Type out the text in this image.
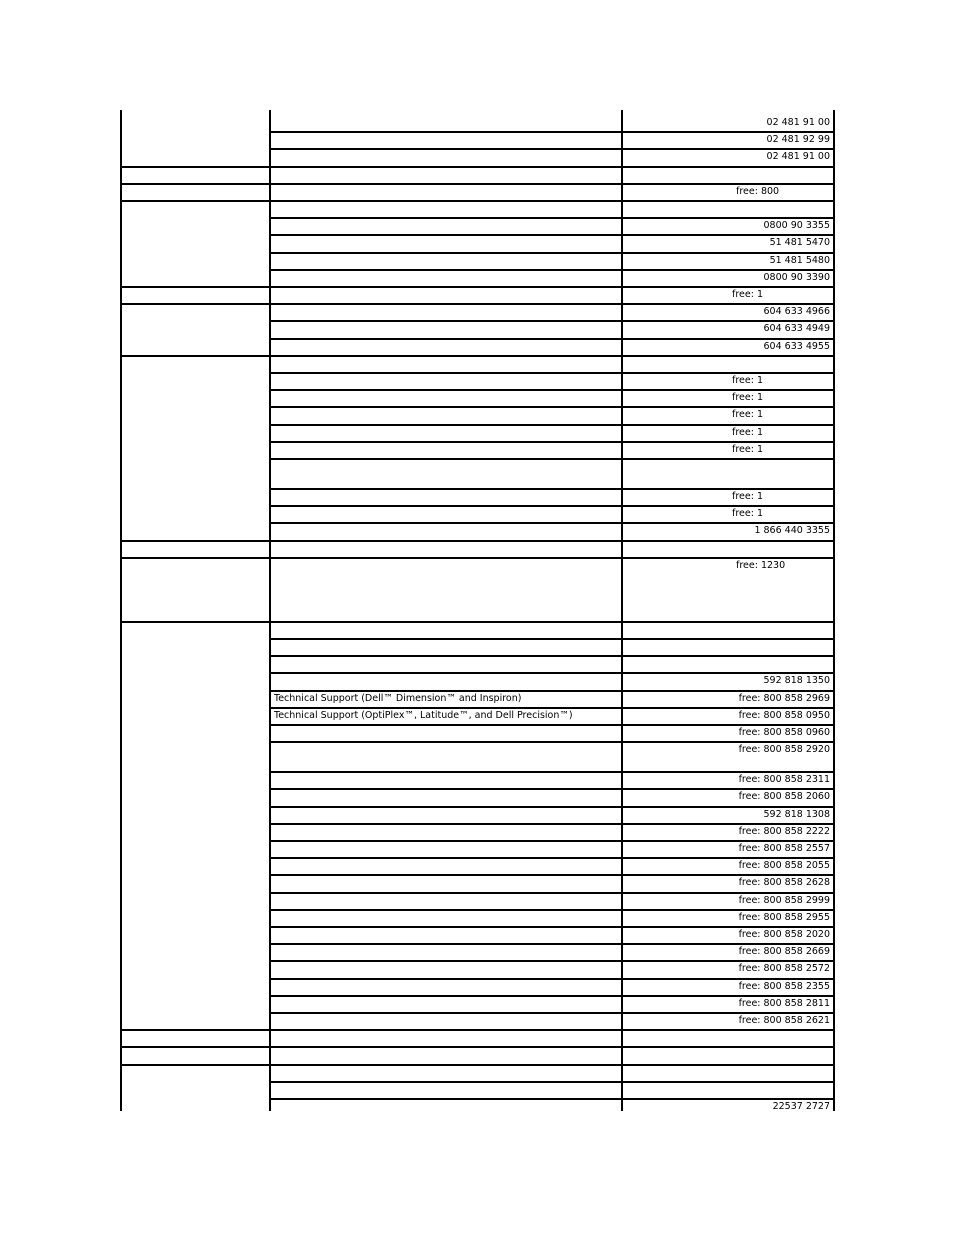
02 481 91 00
02 481 92 99
02 481 91 00
free: 800
0800 90 3355
51 481 5470
51 481 5480
0800 90 3390
free: 1
604 633 4966
604 633 4949
604 633 4955
free: 1
free: 1
free: 1
free: 1
free: 1
free: 1
free: 1
1 866 440 3355
free: 1230
592 818 1350
Technical Support (Dell™ Dimension™ and Inspiron)	free: 800 858 2969
Technical Support (OptiPlex™, Latitude™, and Dell Precision™)	free: 800 858 0950
free: 800 858 0960
free: 800 858 2920
free: 800 858 2311
free: 800 858 2060
592 818 1308
free: 800 858 2222
free: 800 858 2557
free: 800 858 2055
free: 800 858 2628
free: 800 858 2999
free: 800 858 2955
free: 800 858 2020
free: 800 858 2669
free: 800 858 2572
free: 800 858 2355
free: 800 858 2811
free: 800 858 2621
22537 2727
